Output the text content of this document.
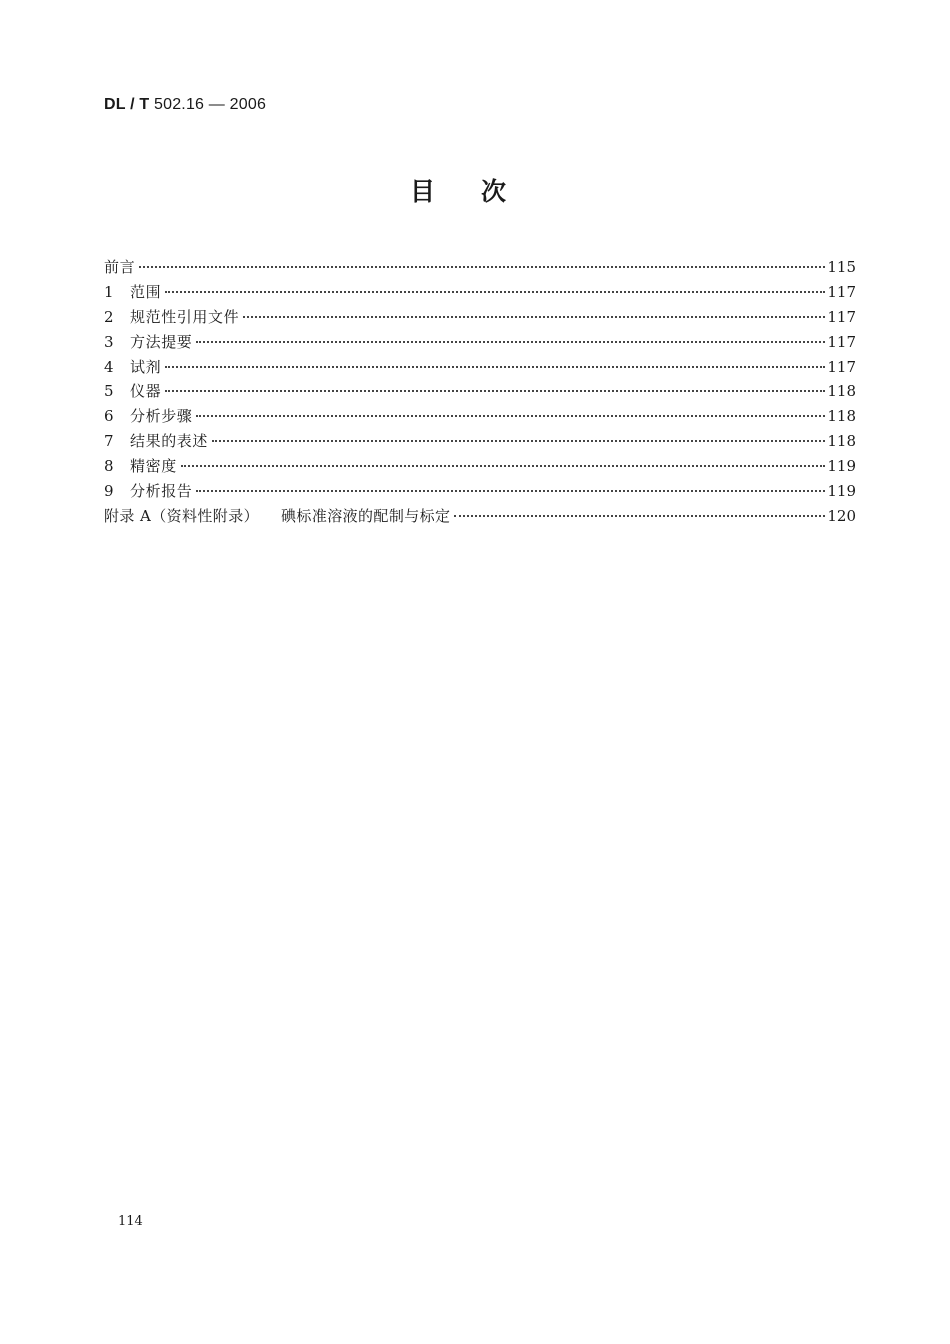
DL / T 502.16 — 2006
目次
前言	115
1	范围	117
2	规范性引用文件	117
3	方法提要	117
4	试剂	117
5	仪器	118
6	分析步骤	118
7	结果的表述	118
8	精密度	119
9	分析报告	119
附录 A（资料性附录） 碘标准溶液的配制与标定	120
114
